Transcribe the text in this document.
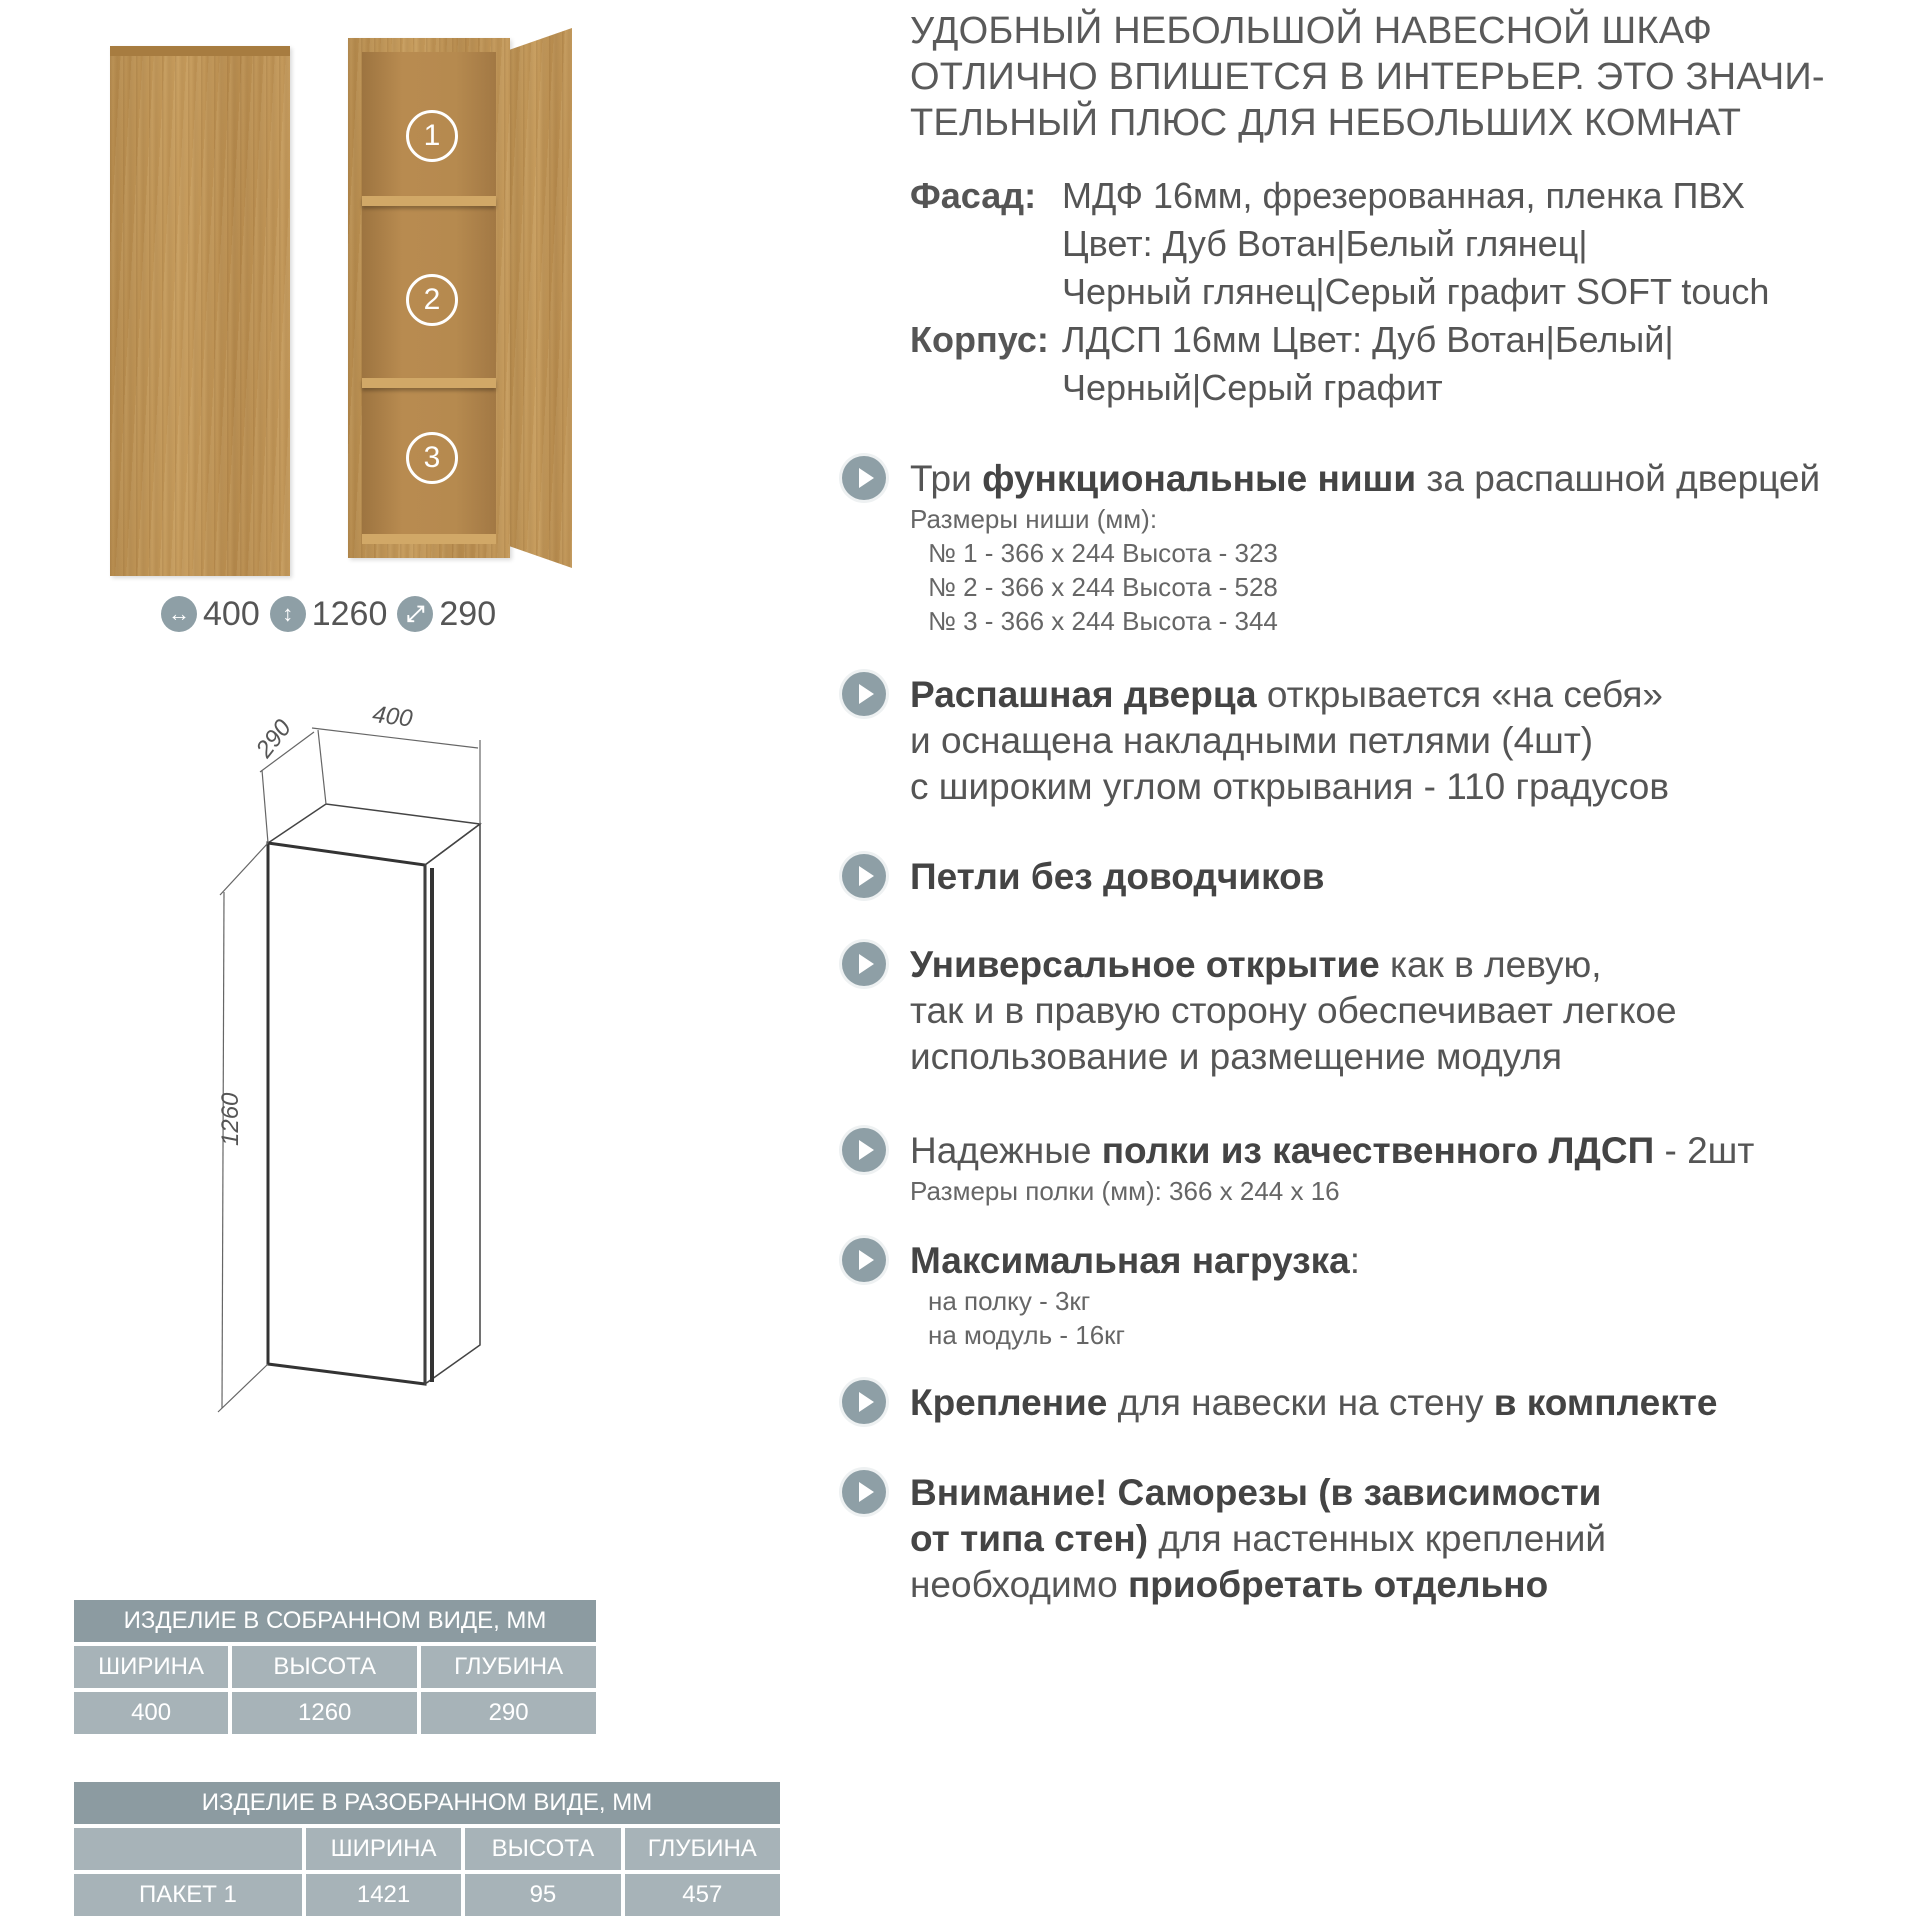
1
2
3
↔ 400	↕ 1260 ⤢ 290
290	400
1260
ИЗДЕЛИЕ В СОБРАННОМ ВИДЕ, ММ		
ШИРИНА	ВЫСОТА	ГЛУБИНА
400	1260	290
ИЗДЕЛИЕ В РАЗОБРАННОМ ВИДЕ, ММ			
	ШИРИНА	ВЫСОТА	ГЛУБИНА
ПАКЕТ 1	1421	95	457
УДОБНЫЙ НЕБОЛЬШОЙ НАВЕСНОЙ ШКАФ
ОТЛИЧНО ВПИШЕТСЯ В ИНТЕРЬЕР. ЭТО ЗНАЧИ-
ТЕЛЬНЫЙ ПЛЮС ДЛЯ НЕБОЛЬШИХ КОМНАТ
Фасад: МДФ 16мм, фрезерованная, пленка ПВХ
Цвет: Дуб Вотан|Белый глянец|
Черный глянец|Серый графит SOFT touch
Корпус: ЛДСП 16мм Цвет: Дуб Вотан|Белый|
Черный|Серый графит
Три функциональные ниши за распашной дверцей
Размеры ниши (мм):
№ 1 - 366 x 244 Высота - 323
№ 2 - 366 x 244 Высота - 528
№ 3 - 366 x 244 Высота - 344
Распашная дверца открывается «на себя»
и оснащена накладными петлями (4шт)
с широким углом открывания - 110 градусов
Петли без доводчиков
Универсальное открытие как в левую,
так и в правую сторону обеспечивает легкое
использование и размещение модуля
Надежные полки из качественного ЛДСП - 2шт
Размеры полки (мм): 366 x 244 x 16
Максимальная нагрузка:
на полку - 3кг
на модуль - 16кг
Крепление для навески на стену в комплекте
Внимание! Саморезы (в зависимости
от типа стен) для настенных креплений
необходимо приобретать отдельно
